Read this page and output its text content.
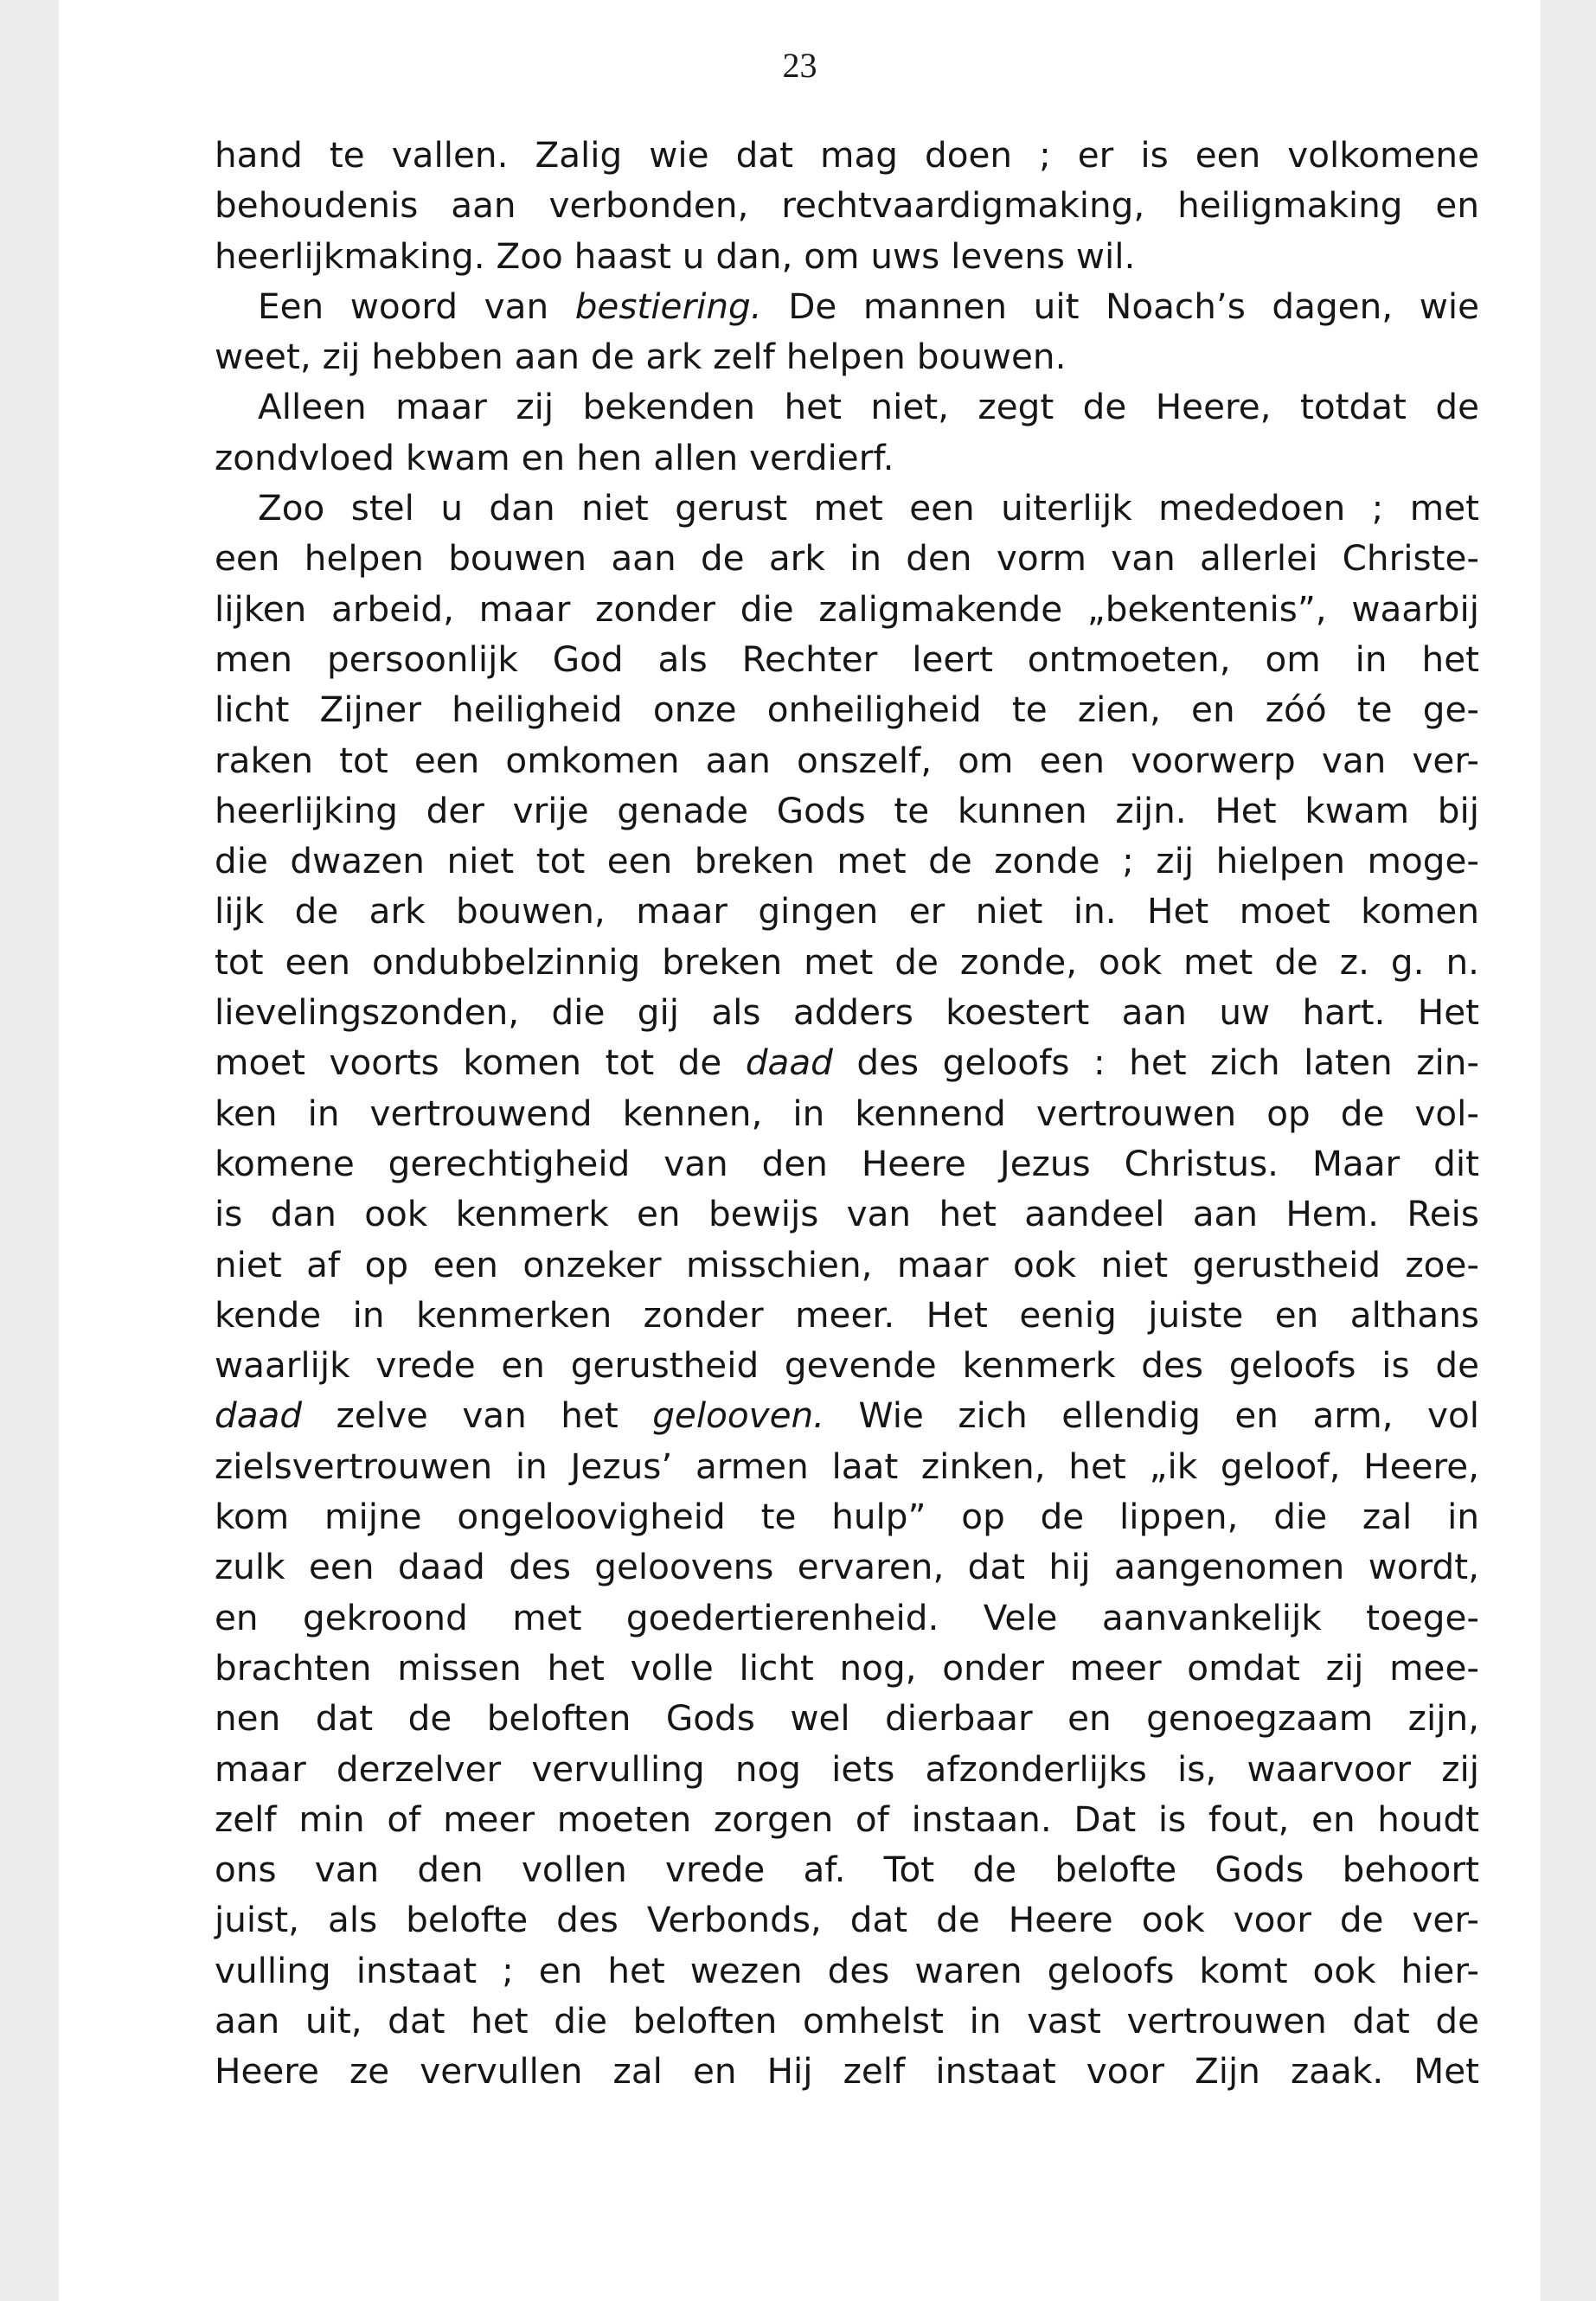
23
hand te vallen. Zalig wie dat mag doen ; er is een volkomene
behoudenis aan verbonden, rechtvaardigmaking, heiligmaking en
heerlijkmaking. Zoo haast u dan, om uws levens wil.
Een woord van bestiering. De mannen uit Noach’s dagen, wie
weet, zij hebben aan de ark zelf helpen bouwen.
Alleen maar zij bekenden het niet, zegt de Heere, totdat de
zondvloed kwam en hen allen verdierf.
Zoo stel u dan niet gerust met een uiterlijk mededoen ; met
een helpen bouwen aan de ark in den vorm van allerlei Christe-
lijken arbeid, maar zonder die zaligmakende „bekentenis”, waarbij
men persoonlijk God als Rechter leert ontmoeten, om in het
licht Zijner heiligheid onze onheiligheid te zien, en zóó te ge-
raken tot een omkomen aan onszelf, om een voorwerp van ver-
heerlijking der vrije genade Gods te kunnen zijn. Het kwam bij
die dwazen niet tot een breken met de zonde ; zij hielpen moge-
lijk de ark bouwen, maar gingen er niet in. Het moet komen
tot een ondubbelzinnig breken met de zonde, ook met de z. g. n.
lievelingszonden, die gij als adders koestert aan uw hart. Het
moet voorts komen tot de daad des geloofs : het zich laten zin-
ken in vertrouwend kennen, in kennend vertrouwen op de vol-
komene gerechtigheid van den Heere Jezus Christus. Maar dit
is dan ook kenmerk en bewijs van het aandeel aan Hem. Reis
niet af op een onzeker misschien, maar ook niet gerustheid zoe-
kende in kenmerken zonder meer. Het eenig juiste en althans
waarlijk vrede en gerustheid gevende kenmerk des geloofs is de
daad zelve van het gelooven. Wie zich ellendig en arm, vol
zielsvertrouwen in Jezus’ armen laat zinken, het „ik geloof, Heere,
kom mijne ongeloovigheid te hulp” op de lippen, die zal in
zulk een daad des geloovens ervaren, dat hij aangenomen wordt,
en gekroond met goedertierenheid. Vele aanvankelijk toege-
brachten missen het volle licht nog, onder meer omdat zij mee-
nen dat de beloften Gods wel dierbaar en genoegzaam zijn,
maar derzelver vervulling nog iets afzonderlijks is, waarvoor zij
zelf min of meer moeten zorgen of instaan. Dat is fout, en houdt
ons van den vollen vrede af. Tot de belofte Gods behoort
juist, als belofte des Verbonds, dat de Heere ook voor de ver-
vulling instaat ; en het wezen des waren geloofs komt ook hier-
aan uit, dat het die beloften omhelst in vast vertrouwen dat de
Heere ze vervullen zal en Hij zelf instaat voor Zijn zaak. Met
